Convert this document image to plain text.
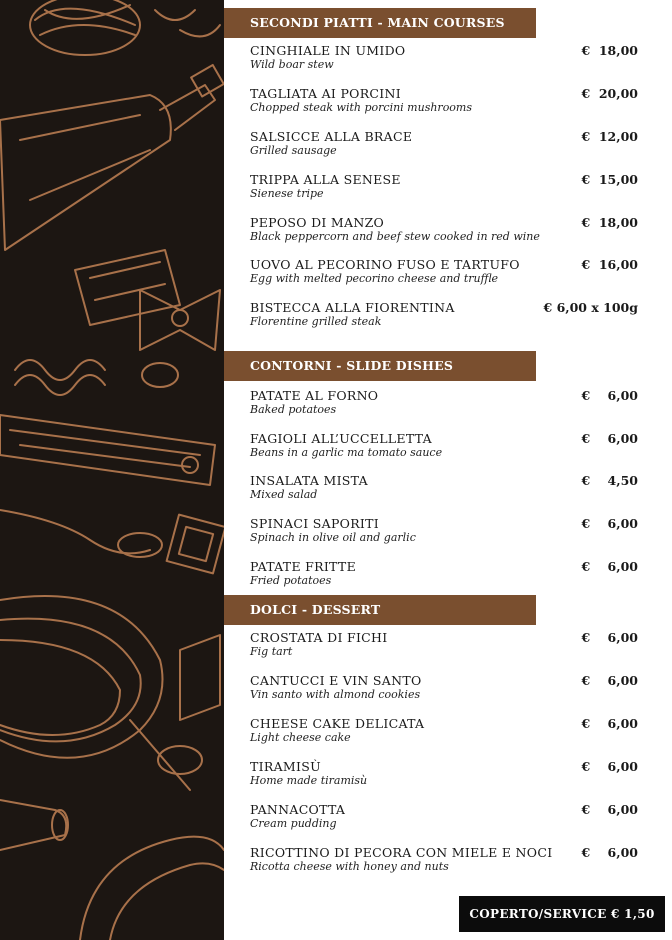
SECONDI PIATTI - MAIN COURSES
CINGHIALE IN UMIDO
Wild boar stew
€  18,00
TAGLIATA AI PORCINI
Chopped steak with porcini mushrooms
€  20,00
SALSICCE ALLA BRACE
Grilled sausage
€  12,00
TRIPPA ALLA SENESE
Sienese tripe
€  15,00
PEPOSO DI MANZO
Black peppercorn and beef stew cooked in red wine
€  18,00
UOVO AL PECORINO FUSO E TARTUFO
Egg with melted pecorino cheese and truffle
€  16,00
BISTECCA ALLA FIORENTINA
Florentine grilled steak
€ 6,00 x 100g
CONTORNI - SLIDE DISHES
PATATE AL FORNO
Baked potatoes
€    6,00
FAGIOLI ALL’UCCELLETTA
Beans in a garlic ma tomato sauce
€    6,00
INSALATA MISTA
Mixed salad
€    4,50
SPINACI SAPORITI
Spinach in olive oil and garlic
€    6,00
PATATE FRITTE
Fried potatoes
€    6,00
DOLCI - DESSERT
CROSTATA DI FICHI
Fig tart
€    6,00
CANTUCCI E VIN SANTO
Vin santo with almond cookies
€    6,00
CHEESE CAKE DELICATA
Light cheese cake
€    6,00
TIRAMISÙ
Home made tiramisù
€    6,00
PANNACOTTA
Cream pudding
€    6,00
RICOTTINO DI PECORA CON MIELE E NOCI
Ricotta cheese with honey and nuts
€    6,00
COPERTO/SERVICE € 1,50
